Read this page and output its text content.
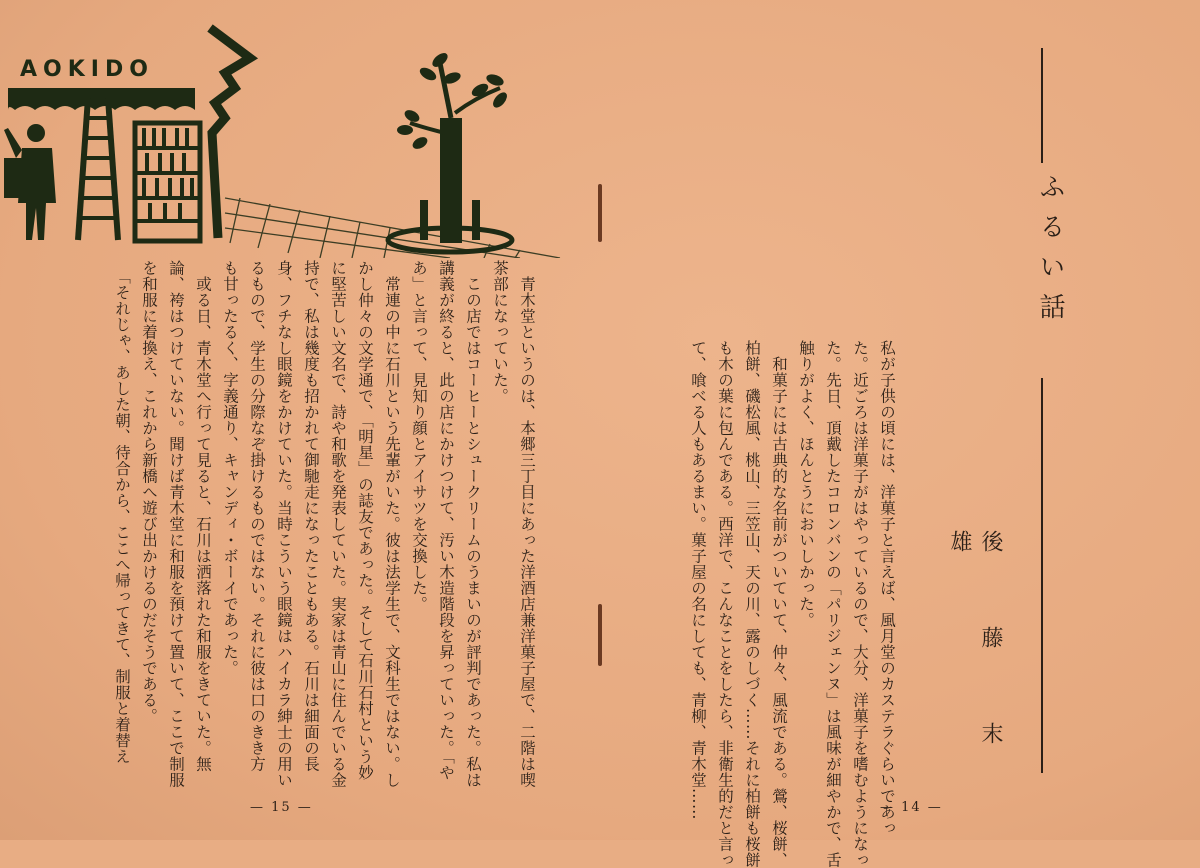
AOKIDO
ふるい話
後　藤　末　雄
私が子供の頃には、洋菓子と言えば、風月堂のカステラぐらいであっ
た。近ごろは洋菓子がはやっているので、大分、洋菓子を嗜むようになっ
た。先日、頂戴したコロンバンの「パリジェンヌ」は風味が細やかで、舌
触りがよく、ほんとうにおいしかった。
　和菓子には古典的な名前がついていて、仲々、風流である。鶯、桜餅、
柏餅、磯松風、桃山、三笠山、天の川、露のしづく……それに柏餅も桜餅
も木の葉に包んである。西洋で、こんなことをしたら、非衛生的だと言っ
て、喰べる人もあるまい。菓子屋の名にしても、青柳、青木堂……
　青木堂というのは、本郷三丁目にあった洋酒店兼洋菓子屋で、二階は喫
茶部になっていた。
　この店ではコーヒーとシュークリームのうまいのが評判であった。私は
講義が終ると、此の店にかけつけて、汚い木造階段を昇っていった。「や
あ」と言って、見知り顔とアイサツを交換した。
　常連の中に石川という先輩がいた。彼は法学生で、文科生ではない。し
かし仲々の文学通で、「明星」の誌友であった。そして石川石村という妙
に堅苦しい文名で、詩や和歌を発表していた。実家は青山に住んでいる金
持で、私は幾度も招かれて御馳走になったこともある。石川は細面の長
身、フチなし眼鏡をかけていた。当時こういう眼鏡はハイカラ紳士の用い
るもので、学生の分際なぞ掛けるものではない。それに彼は口のきき方
も甘ったるく、字義通り、キャンディ・ボーイであった。
　或る日、青木堂へ行って見ると、石川は洒落れた和服をきていた。無
論、袴はつけていない。聞けば青木堂に和服を預けて置いて、ここで制服
を和服に着換え、これから新橋へ遊び出かけるのだそうである。
　「それじゃ、あした朝、待合から、ここへ帰ってきて、制服と着替え
— 15 —	— 14 —
